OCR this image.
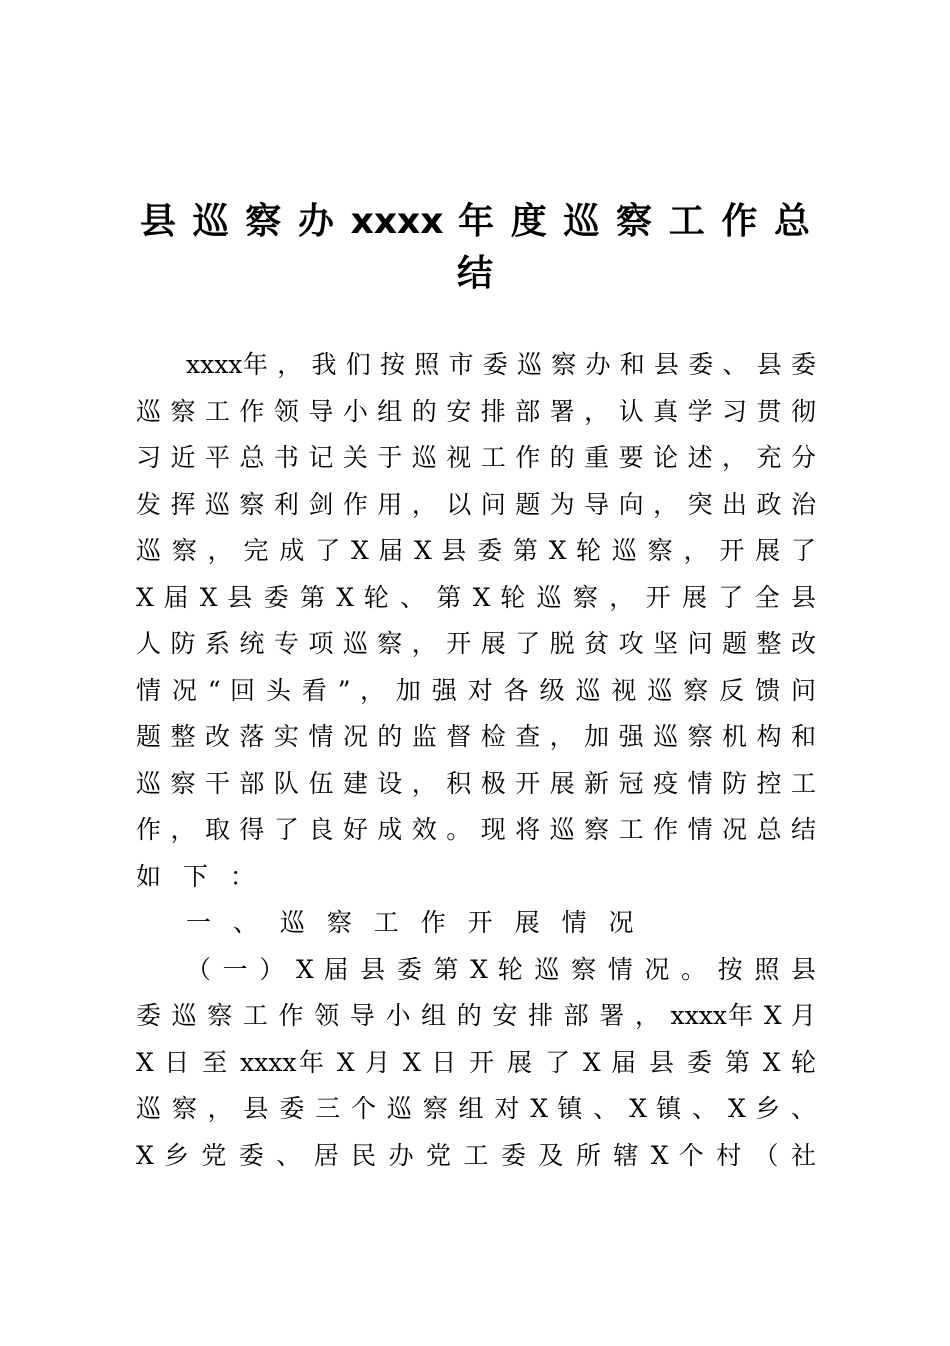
县 巡 察 办 xxxx 年 度 巡 察 工 作 总
结
xxxx年 ， 我 们 按 照 市 委 巡 察 办 和 县 委 、 县 委
巡 察 工 作 领 导 小 组 的 安 排 部 署 ， 认 真 学 习 贯 彻
习 近 平 总 书 记 关 于 巡 视 工 作 的 重 要 论 述 ， 充 分
发 挥 巡 察 利 剑 作 用 ， 以 问 题 为 导 向 ， 突 出 政 治
巡 察 ， 完 成 了 X 届 X 县 委 第 X 轮 巡 察 ， 开 展 了
X 届 X 县 委 第 X 轮 、 第 X 轮 巡 察 ， 开 展 了 全 县
人 防 系 统 专 项 巡 察 ， 开 展 了 脱 贫 攻 坚 问 题 整 改
情 况 “ 回 头 看 ” ， 加 强 对 各 级 巡 视 巡 察 反 馈 问
题 整 改 落 实 情 况 的 监 督 检 查 ， 加 强 巡 察 机 构 和
巡 察 干 部 队 伍 建 设 ， 积 极 开 展 新 冠 疫 情 防 控 工
作 ， 取 得 了 良 好 成 效 。 现 将 巡 察 工 作 情 况 总 结
如 下 ：
一 、 巡 察 工 作 开 展 情 况
（ 一 ） X 届 县 委 第 X 轮 巡 察 情 况 。 按 照 县
委 巡 察 工 作 领 导 小 组 的 安 排 部 署 ， xxxx年 X 月
X 日 至 xxxx年 X 月 X 日 开 展 了 X 届 县 委 第 X 轮
巡 察 ， 县 委 三 个 巡 察 组 对 X 镇 、 X 镇 、 X 乡 、
X 乡 党 委 、 居 民 办 党 工 委 及 所 辖 X 个 村 （ 社
